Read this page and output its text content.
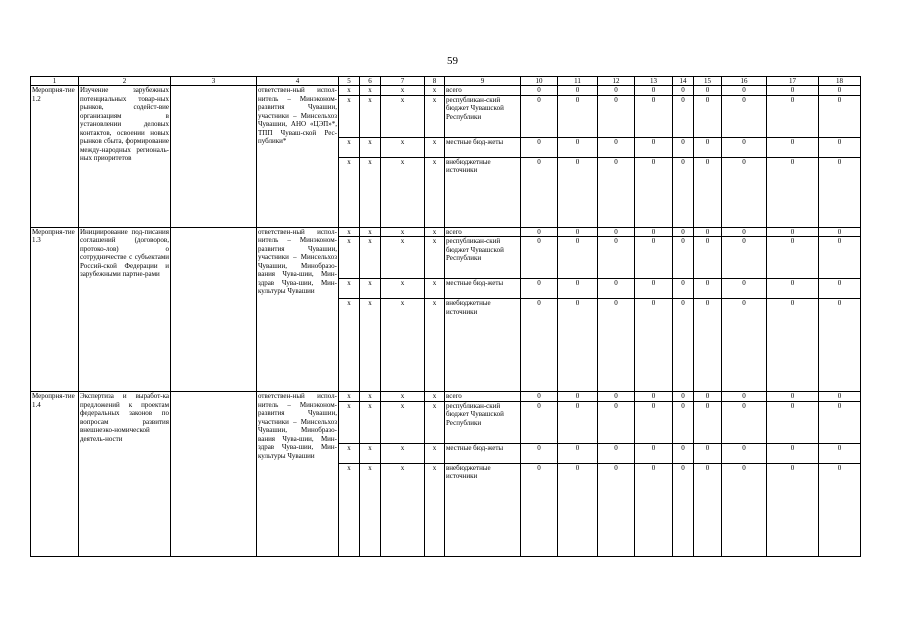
59
1	2	3	4	5	6	7	8	9	10	11	12	13	14	15	16	17	18
Меропрня-тие 1.2	Изучение зарубежных потенциальных товар-ных рынков, содейст-вие организациям в установлении деловых контактов, освоении новых рынков сбыта, формирование между-народных региональ-ных приоритетов		ответствен-ный испол-нитель – Минэконом-развития Чувашии, участники – Минсельхоз Чувашии, АНО «ЦЭП»*, ТПП Чуваш-ской Рес-публики*	x	x	x	x	всего	0	0	0	0	0	0	0	0	0
				x	x	x	x	республикан-ский бюджет Чувашской Республики	0	0	0	0	0	0	0	0	0
				x	x	x	x	местные бюд-жеты	0	0	0	0	0	0	0	0	0
				x	x	x	x	внебюджетные источники	0	0	0	0	0	0	0	0	0
Меропрня-тие 1.3	Инициирование под-писания соглашений (договоров, протоко-лов) о сотрудничестве с субъектами Россий-ской Федерации и зарубежными партне-рами		ответствен-ный испол-нитель – Минэконом-развития Чувашии, участники – Минсельхоз Чувашии, Минобразо-вания Чува-шии, Мин-здрав Чува-шии, Мин-культуры Чувашии	x	x	x	x	всего	0	0	0	0	0	0	0	0	0
				x	x	x	x	республикан-ский бюджет Чувашской Республики	0	0	0	0	0	0	0	0	0
				x	x	x	x	местные бюд-жеты	0	0	0	0	0	0	0	0	0
				x	x	x	x	внебюджетные источники	0	0	0	0	0	0	0	0	0
Меропрня-тие 1.4	Экспертиза и выработ-ка предложений к проектам федеральных законов по вопросам развития внешнеэко-номической деятель-ности		ответствен-ный испол-нитель – Минэконом-развития Чувашии, участники – Минсельхоз Чувашии, Минобразо-вания Чува-шии, Мин-здрав Чува-шии, Мин-культуры Чувашии	x	x	x	x	всего	0	0	0	0	0	0	0	0	0
				x	x	x	x	республикан-ский бюджет Чувашской Республики	0	0	0	0	0	0	0	0	0
				x	x	x	x	местные бюд-жеты	0	0	0	0	0	0	0	0	0
				x	x	x	x	внебюджетные источники	0	0	0	0	0	0	0	0	0
